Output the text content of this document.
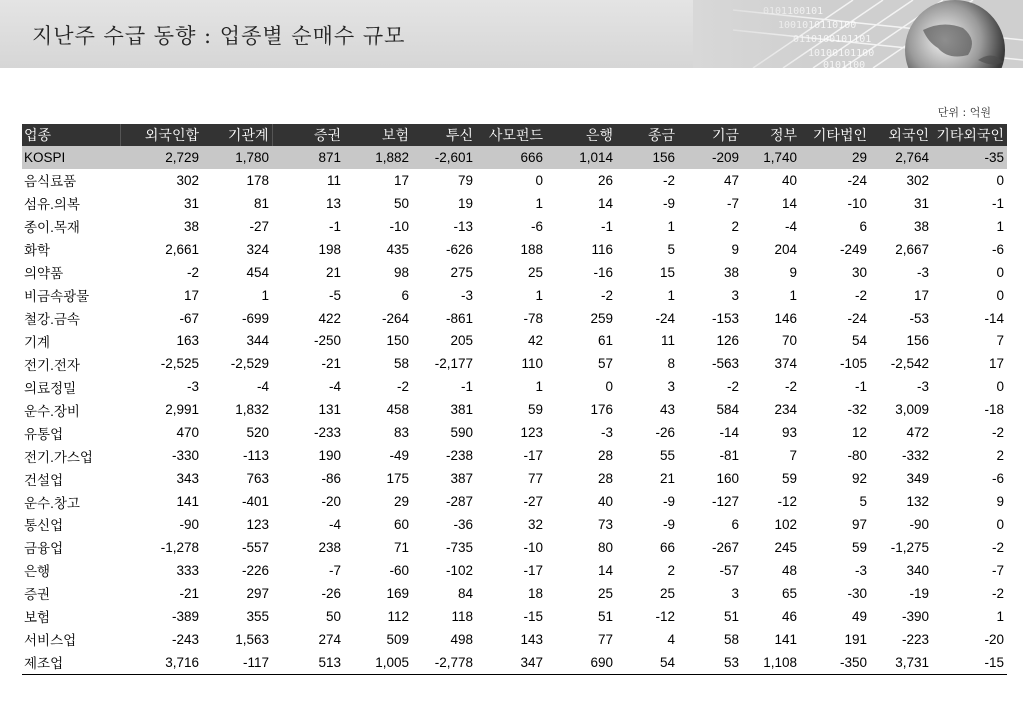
지난주 수급 동향 : 업종별 순매수 규모
단위 : 억원
업종	외국인합	기관계	증권	보험	투신	사모펀드	은행	종금	기금	정부	기타법인	외국인	기타외국인
KOSPI	2,729	1,780	871	1,882	-2,601	666	1,014	156	-209	1,740	29	2,764	-35
음식료품	302	178	11	17	79	0	26	-2	47	40	-24	302	0
섬유.의복	31	81	13	50	19	1	14	-9	-7	14	-10	31	-1
종이.목재	38	-27	-1	-10	-13	-6	-1	1	2	-4	6	38	1
화학	2,661	324	198	435	-626	188	116	5	9	204	-249	2,667	-6
의약품	-2	454	21	98	275	25	-16	15	38	9	30	-3	0
비금속광물	17	1	-5	6	-3	1	-2	1	3	1	-2	17	0
철강.금속	-67	-699	422	-264	-861	-78	259	-24	-153	146	-24	-53	-14
기계	163	344	-250	150	205	42	61	11	126	70	54	156	7
전기.전자	-2,525	-2,529	-21	58	-2,177	110	57	8	-563	374	-105	-2,542	17
의료정밀	-3	-4	-4	-2	-1	1	0	3	-2	-2	-1	-3	0
운수.장비	2,991	1,832	131	458	381	59	176	43	584	234	-32	3,009	-18
유통업	470	520	-233	83	590	123	-3	-26	-14	93	12	472	-2
전기.가스업	-330	-113	190	-49	-238	-17	28	55	-81	7	-80	-332	2
건설업	343	763	-86	175	387	77	28	21	160	59	92	349	-6
운수.창고	141	-401	-20	29	-287	-27	40	-9	-127	-12	5	132	9
통신업	-90	123	-4	60	-36	32	73	-9	6	102	97	-90	0
금융업	-1,278	-557	238	71	-735	-10	80	66	-267	245	59	-1,275	-2
은행	333	-226	-7	-60	-102	-17	14	2	-57	48	-3	340	-7
증권	-21	297	-26	169	84	18	25	25	3	65	-30	-19	-2
보험	-389	355	50	112	118	-15	51	-12	51	46	49	-390	1
서비스업	-243	1,563	274	509	498	143	77	4	58	141	191	-223	-20
제조업	3,716	-117	513	1,005	-2,778	347	690	54	53	1,108	-350	3,731	-15
